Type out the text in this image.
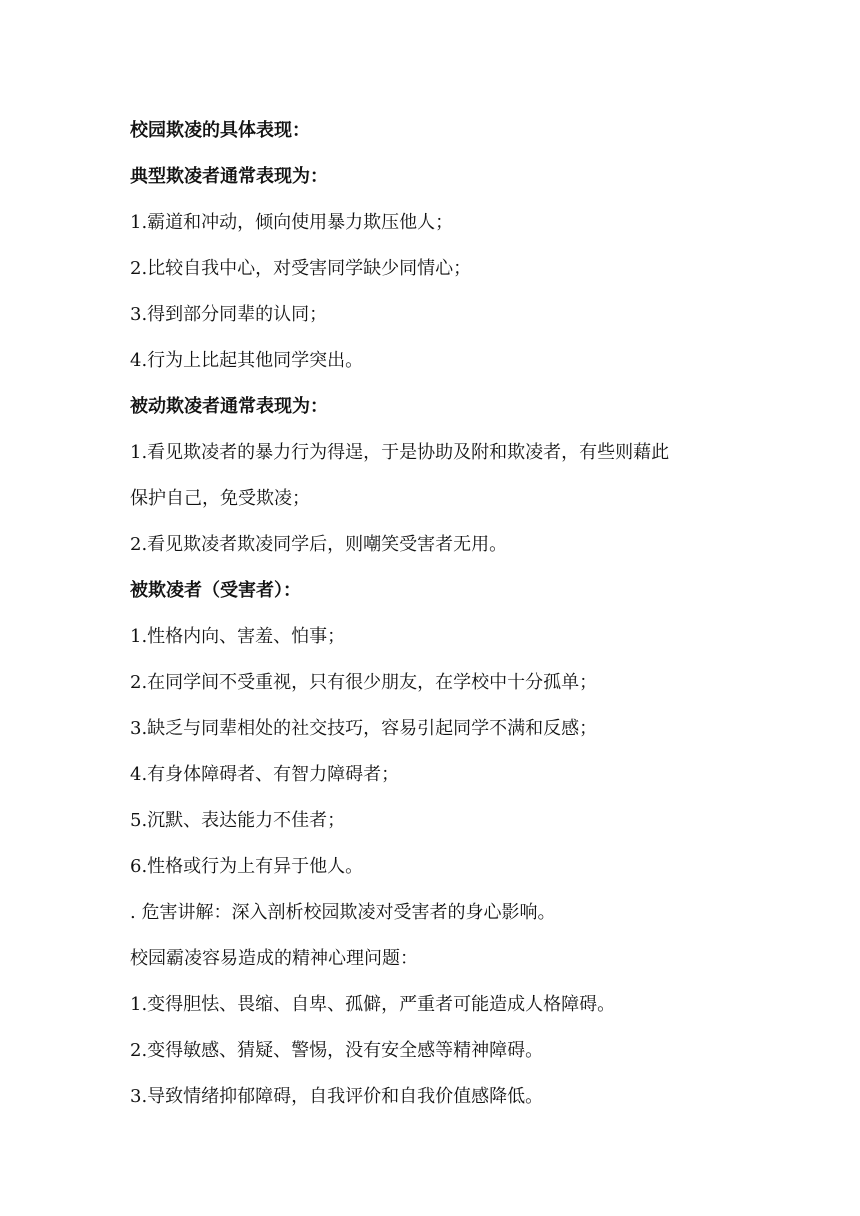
校园欺凌的具体表现：

典型欺凌者通常表现为：

1.霸道和冲动，倾向使用暴力欺压他人；

2.比较自我中心，对受害同学缺少同情心；

3.得到部分同辈的认同；

4.行为上比起其他同学突出。

被动欺凌者通常表现为：

1.看见欺凌者的暴力行为得逞，于是协助及附和欺凌者，有些则藉此

保护自己，免受欺凌；

2.看见欺凌者欺凌同学后，则嘲笑受害者无用。

被欺凌者（受害者）：

1.性格内向、害羞、怕事；

2.在同学间不受重视，只有很少朋友，在学校中十分孤单；

3.缺乏与同辈相处的社交技巧，容易引起同学不满和反感；

4.有身体障碍者、有智力障碍者；

5.沉默、表达能力不佳者；

6.性格或行为上有异于他人。

. 危害讲解：深入剖析校园欺凌对受害者的身心影响。

校园霸凌容易造成的精神心理问题：

1.变得胆怯、畏缩、自卑、孤僻，严重者可能造成人格障碍。

2.变得敏感、猜疑、警惕，没有安全感等精神障碍。

3.导致情绪抑郁障碍，自我评价和自我价值感降低。
